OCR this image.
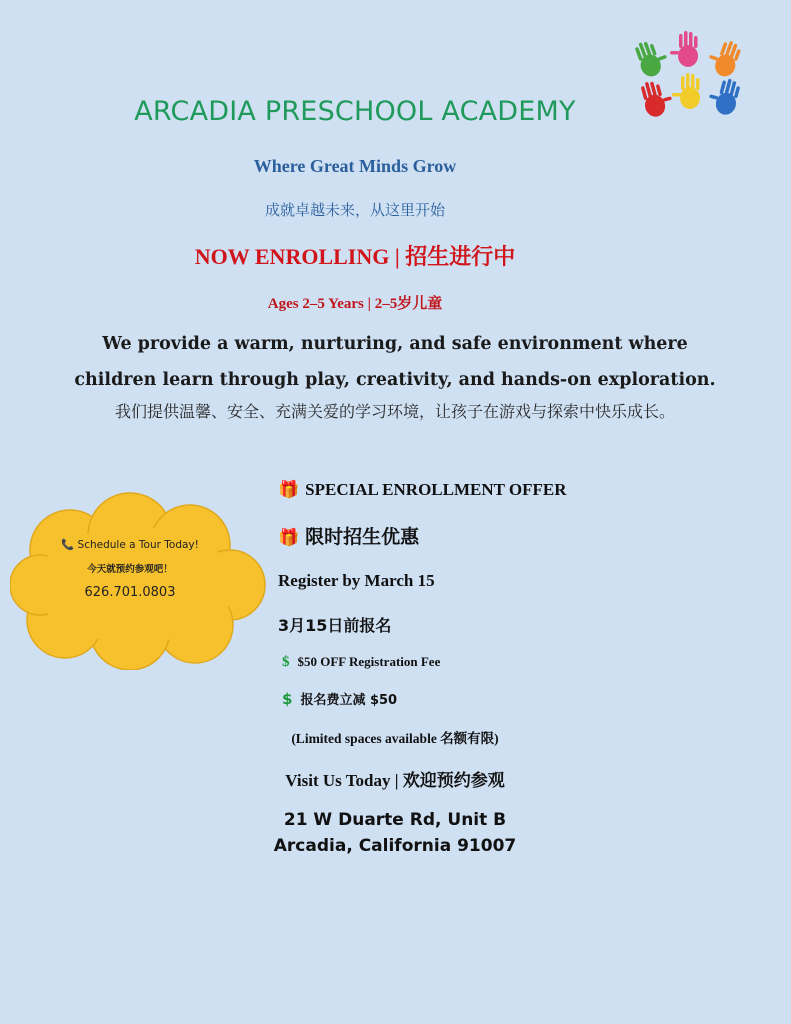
ARCADIA PRESCHOOL ACADEMY
Where Great Minds Grow
成就卓越未来，从这里开始
NOW ENROLLING | 招生进行中
Ages 2–5 Years | 2–5岁儿童
We provide a warm, nurturing, and safe environment where children learn through play, creativity, and hands-on exploration.
我们提供温馨、安全、充满关爱的学习环境，让孩子在游戏与探索中快乐成长。
📞 Schedule a Tour Today!
今天就预约参观吧！
626.701.0803
🎁 SPECIAL ENROLLMENT OFFER
🎁 限时招生优惠
Register by March 15
3月15日前报名
$ $50 OFF Registration Fee
$ 报名费立减 $50
(Limited spaces available 名额有限)
Visit Us Today | 欢迎预约参观
21 W Duarte Rd, Unit B
Arcadia, California 91007
